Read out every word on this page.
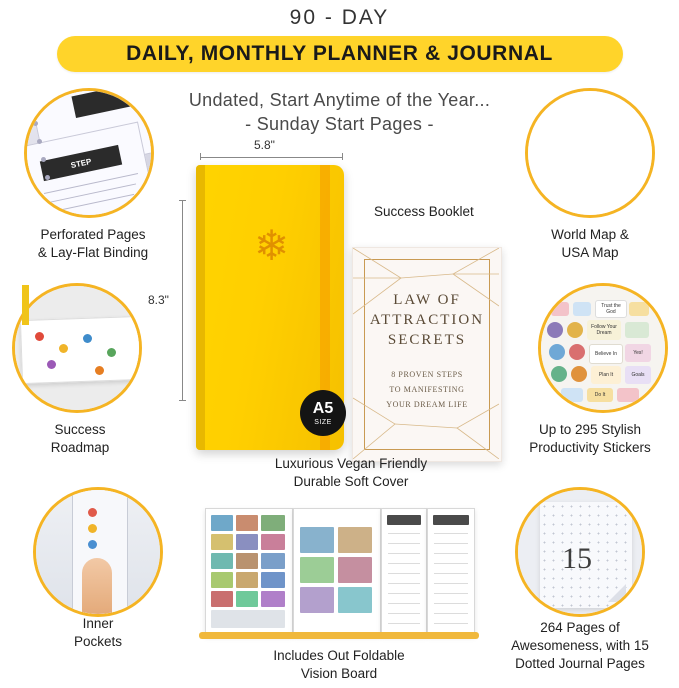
90 - DAY
DAILY, MONTHLY PLANNER & JOURNAL
Undated, Start Anytime of the Year...
- Sunday Start Pages -
STEP
Perforated Pages
& Lay-Flat Binding
Success
Roadmap
Inner
Pockets
World Map &
USA Map
Trust the God
Follow Your Dream
Believe In	Yes!
Plan It	Goals
Do It
Up to 295 Stylish
Productivity Stickers
15
264 Pages of
Awesomeness, with 15
Dotted Journal Pages
5.8"
8.3"
❄
A5
SIZE
Success Booklet
LAW OF
ATTRACTION
SECRETS
8 PROVEN STEPS
TO MANIFESTING
YOUR DREAM LIFE
Luxurious Vegan Friendly
Durable Soft Cover
Includes Out Foldable
Vision Board
